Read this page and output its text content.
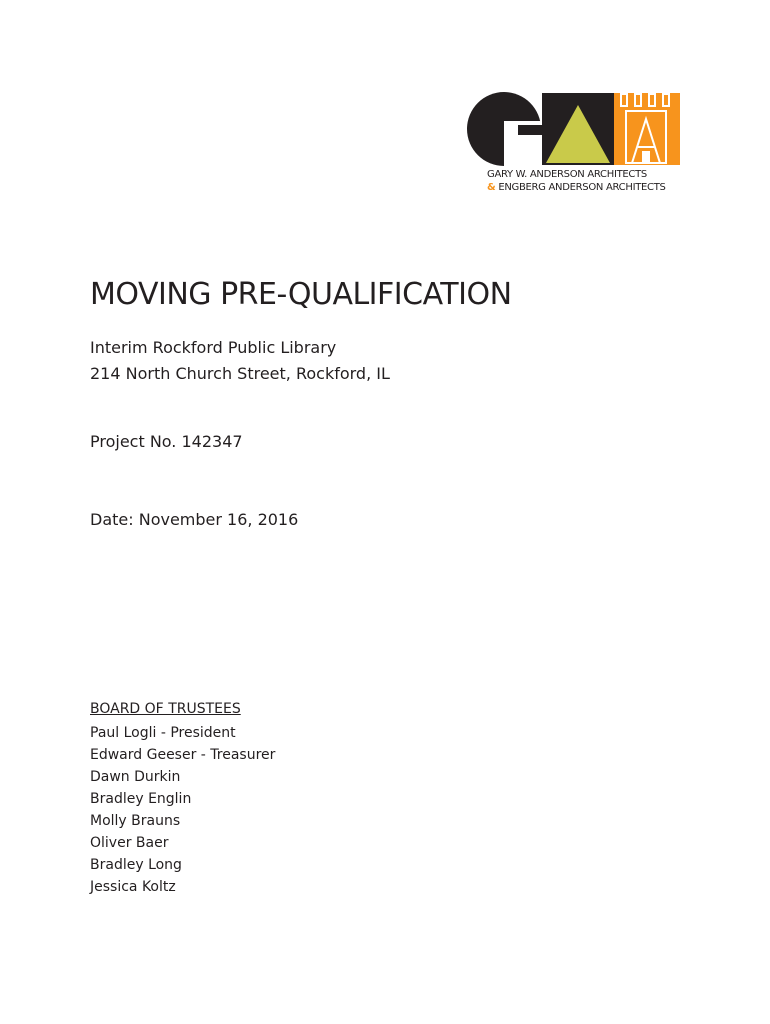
GARY W. ANDERSON ARCHITECTS
& ENGBERG ANDERSON ARCHITECTS
MOVING PRE-QUALIFICATION
Interim Rockford Public Library
214 North Church Street, Rockford, IL
Project No. 142347
Date: November 16, 2016
BOARD OF TRUSTEES
Paul Logli - President
Edward Geeser - Treasurer
Dawn Durkin
Bradley Englin
Molly Brauns
Oliver Baer
Bradley Long
Jessica Koltz
